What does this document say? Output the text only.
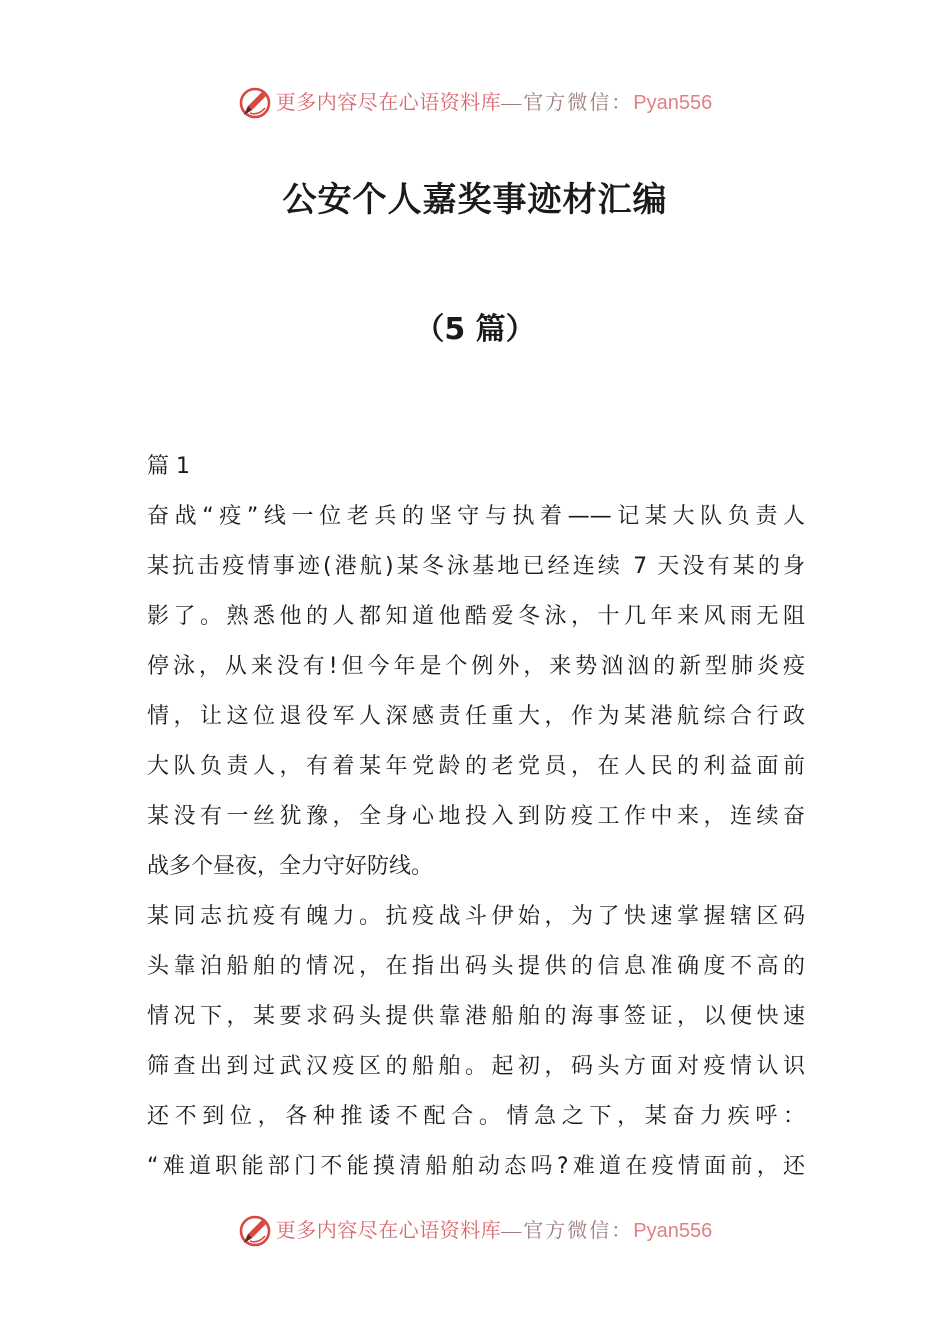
更多内容尽在心语资料库 —官方微信： Pyan556
公安个人嘉奖事迹材汇编
（5 篇）
篇 1
奋战“疫”线一位老兵的坚守与执着——记某大队负责人
某抗击疫情事迹(港航)某冬泳基地已经连续 7 天没有某的身
影了。熟悉他的人都知道他酷爱冬泳，十几年来风雨无阻
停泳，从来没有!但今年是个例外，来势汹汹的新型肺炎疫
情，让这位退役军人深感责任重大，作为某港航综合行政
大队负责人，有着某年党龄的老党员，在人民的利益面前
某没有一丝犹豫，全身心地投入到防疫工作中来，连续奋
战多个昼夜，全力守好防线。
某同志抗疫有魄力。抗疫战斗伊始，为了快速掌握辖区码
头靠泊船舶的情况，在指出码头提供的信息准确度不高的
情况下，某要求码头提供靠港船舶的海事签证，以便快速
筛查出到过武汉疫区的船舶。起初，码头方面对疫情认识
还不到位，各种推诿不配合。情急之下，某奋力疾呼：
“难道职能部门不能摸清船舶动态吗?难道在疫情面前，还
更多内容尽在心语资料库 —官方微信： Pyan556
